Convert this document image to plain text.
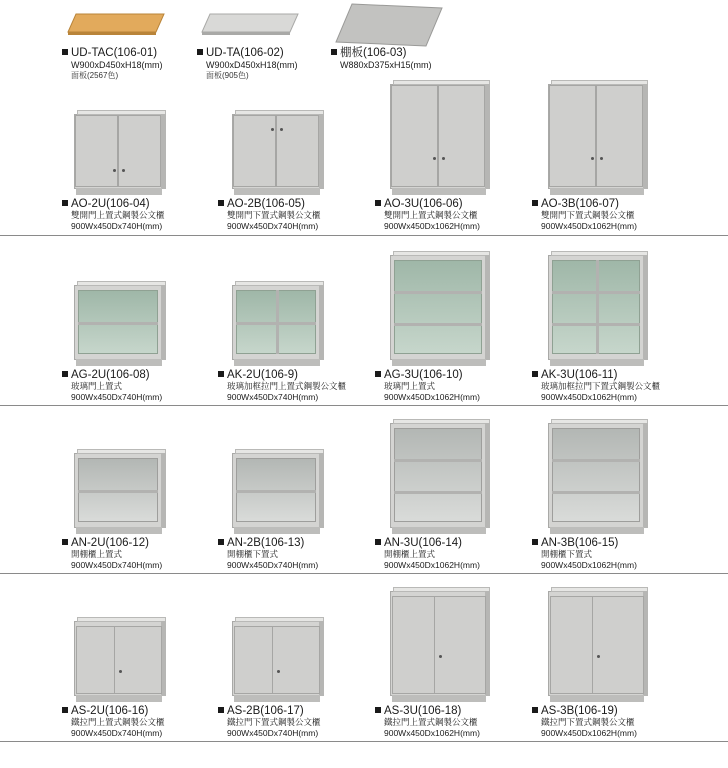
UD-TAC(106-01)
W900xD450xH18(mm)
面板(2567色)
UD-TA(106-02)
W900xD450xH18(mm)
面板(905色)
棚板(106-03)
W880xD375xH15(mm)
AO-2U(106-04)
雙開門上置式鋼製公文櫃
900Wx450Dx740H(mm)
AO-2B(106-05)
雙開門下置式鋼製公文櫃
900Wx450Dx740H(mm)
AO-3U(106-06)
雙開門上置式鋼製公文櫃
900Wx450Dx1062H(mm)
AO-3B(106-07)
雙開門下置式鋼製公文櫃
900Wx450Dx1062H(mm)
AG-2U(106-08)
玻璃門上置式
900Wx450Dx740H(mm)
AK-2U(106-9)
玻璃加框拉門上置式鋼製公文櫃
900Wx450Dx740H(mm)
AG-3U(106-10)
玻璃門上置式
900Wx450Dx1062H(mm)
AK-3U(106-11)
玻璃加框拉門下置式鋼製公文櫃
900Wx450Dx1062H(mm)
AN-2U(106-12)
開棚櫃上置式
900Wx450Dx740H(mm)
AN-2B(106-13)
開棚櫃下置式
900Wx450Dx740H(mm)
AN-3U(106-14)
開棚櫃上置式
900Wx450Dx1062H(mm)
AN-3B(106-15)
開棚櫃下置式
900Wx450Dx1062H(mm)
AS-2U(106-16)
鐵拉門上置式鋼製公文櫃
900Wx450Dx740H(mm)
AS-2B(106-17)
鐵拉門下置式鋼製公文櫃
900Wx450Dx740H(mm)
AS-3U(106-18)
鐵拉門上置式鋼製公文櫃
900Wx450Dx1062H(mm)
AS-3B(106-19)
鐵拉門下置式鋼製公文櫃
900Wx450Dx1062H(mm)
